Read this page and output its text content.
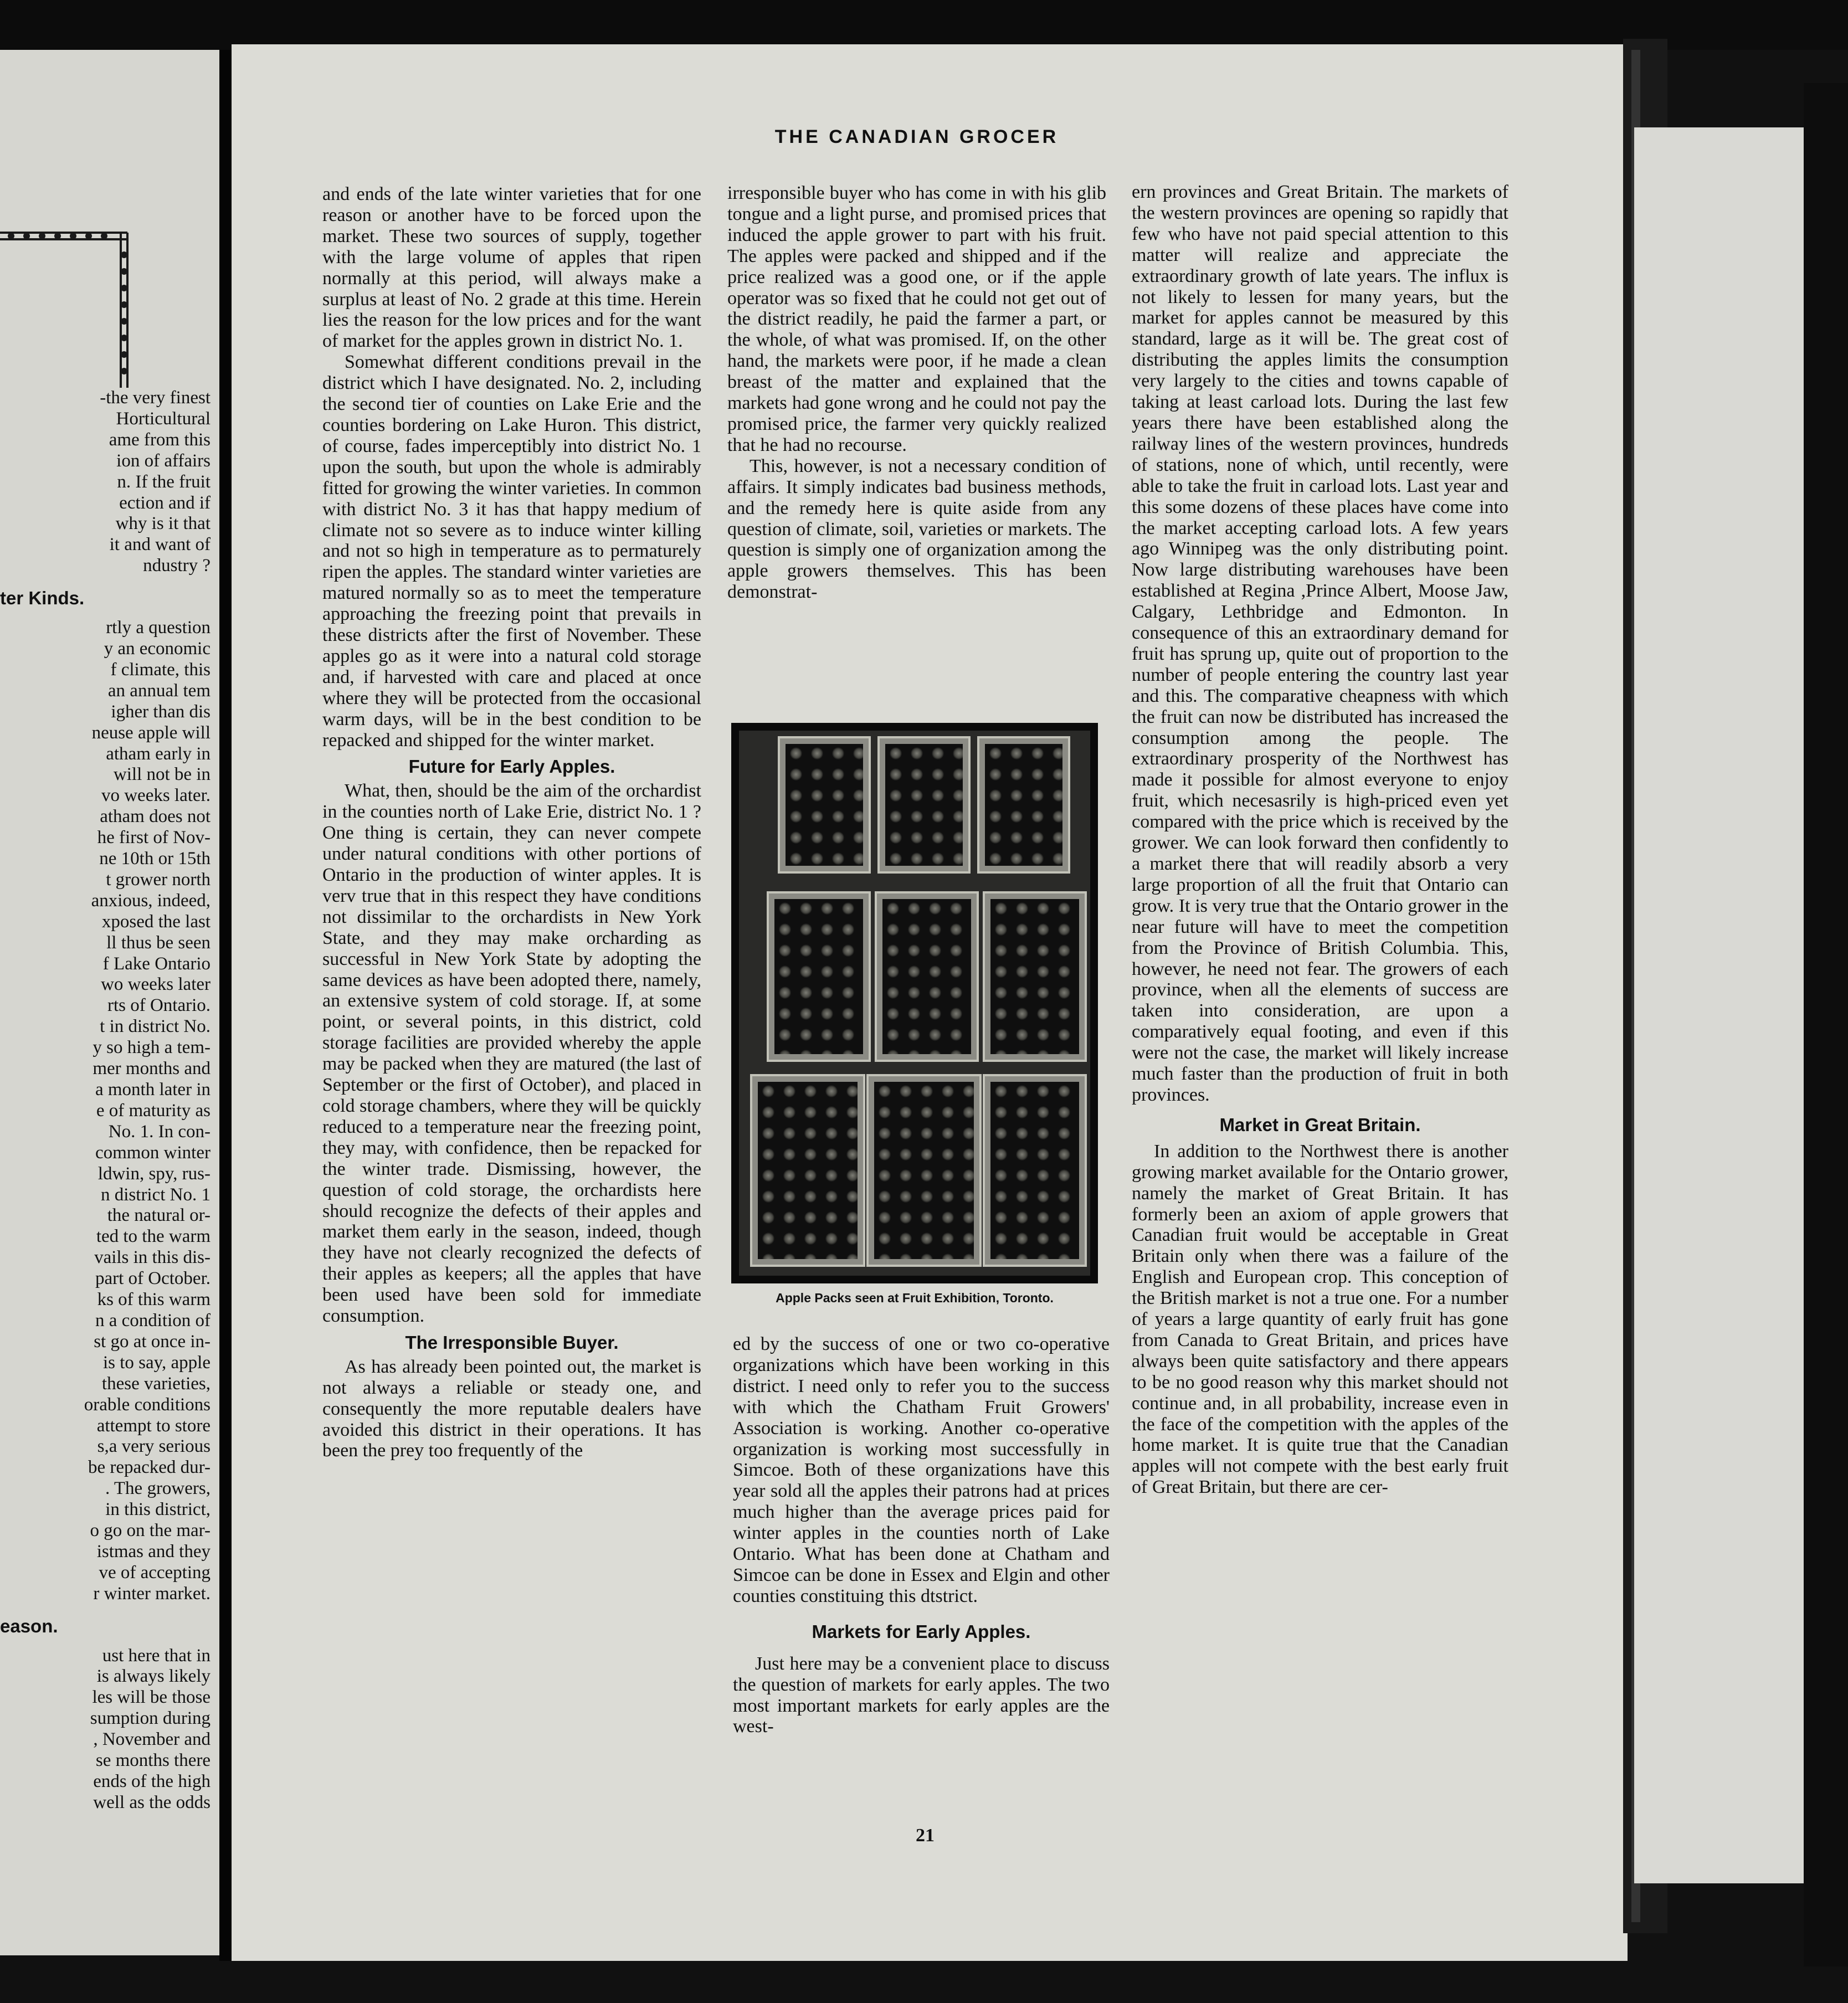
-the very finest

Horticultural

ame from this

ion of affairs

n. If the fruit

ection and if

why is it that

it and want of

ndustry ?

ter Kinds.

rtly a question

y an economic

f climate, this

an annual tem

igher than dis

neuse apple will

atham early in

will not be in

vo weeks later.

atham does not

he first of Nov-

ne 10th or 15th

t grower north

anxious, indeed,

xposed the last

ll thus be seen

f Lake Ontario

wo weeks later

rts of Ontario.

t in district No.

y so high a tem-

mer months and

a month later in

e of maturity as

No. 1. In con-

common winter

ldwin, spy, rus-

n district No. 1

the natural or-

ted to the warm

vails in this dis-

part of October.

ks of this warm

n a condition of

st go at once in-

is to say, apple

these varieties,

orable conditions

attempt to store

s,a very serious

be repacked dur-

. The growers,

in this district,

o go on the mar-

istmas and they

ve of accepting

r winter market.

eason.

ust here that in

is always likely

les will be those

sumption during

, November and

se months there

ends of the high

well as the odds

THE CANADIAN GROCER

and ends of the late winter varieties that for one reason or another have to be forced upon the market. These two sources of supply, together with the large volume of apples that ripen normally at this period, will always make a surplus at least of No. 2 grade at this time. Herein lies the reason for the low prices and for the want of market for the apples grown in district No. 1.

Somewhat different conditions prevail in the district which I have designated. No. 2, including the second tier of counties on Lake Erie and the counties bordering on Lake Huron. This district, of course, fades imperceptibly into district No. 1 upon the south, but upon the whole is admirably fitted for growing the winter varieties. In common with district No. 3 it has that happy medium of climate not so severe as to induce winter killing and not so high in temperature as to permaturely ripen the apples. The standard winter varieties are matured normally so as to meet the temperature approaching the freezing point that prevails in these districts after the first of November. These apples go as it were into a natural cold storage and, if harvested with care and placed at once where they will be protected from the occasional warm days, will be in the best condition to be repacked and shipped for the winter market.

Future for Early Apples.

What, then, should be the aim of the orchardist in the counties north of Lake Erie, district No. 1 ? One thing is certain, they can never compete under natural conditions with other portions of Ontario in the production of winter apples. It is verv true that in this respect they have conditions not dissimilar to the orchardists in New York State, and they may make orcharding as successful in New York State by adopting the same devices as have been adopted there, namely, an extensive system of cold storage. If, at some point, or several points, in this district, cold storage facilities are provided whereby the apple may be packed when they are matured (the last of September or the first of October), and placed in cold storage chambers, where they will be quickly reduced to a temperature near the freezing point, they may, with confidence, then be repacked for the winter trade. Dismissing, however, the question of cold storage, the orchardists here should recognize the defects of their apples and market them early in the season, indeed, though they have not clearly recognized the defects of their apples as keepers; all the apples that have been used have been sold for immediate consumption.

The Irresponsible Buyer.

As has already been pointed out, the market is not always a reliable or steady one, and consequently the more reputable dealers have avoided this district in their operations. It has been the prey too frequently of the

irresponsible buyer who has come in with his glib tongue and a light purse, and promised prices that induced the apple grower to part with his fruit. The apples were packed and shipped and if the price realized was a good one, or if the apple operator was so fixed that he could not get out of the district readily, he paid the farmer a part, or the whole, of what was promised. If, on the other hand, the markets were poor, if he made a clean breast of the matter and explained that the markets had gone wrong and he could not pay the promised price, the farmer very quickly realized that he had no recourse.

This, however, is not a necessary condition of affairs. It simply indicates bad business methods, and the remedy here is quite aside from any question of climate, soil, varieties or markets. The question is simply one of organization among the apple growers themselves. This has been demonstrat-

Apple Packs seen at Fruit Exhibition, Toronto.

ed by the success of one or two co-operative organizations which have been working in this district. I need only to refer you to the success with which the Chatham Fruit Growers' Association is working. Another co-operative organization is working most successfully in Simcoe. Both of these organizations have this year sold all the apples their patrons had at prices much higher than the average prices paid for winter apples in the counties north of Lake Ontario. What has been done at Chatham and Simcoe can be done in Essex and Elgin and other counties constituing this dtstrict.

Markets for Early Apples.

Just here may be a convenient place to discuss the question of markets for early apples. The two most important markets for early apples are the west-

ern provinces and Great Britain. The markets of the western provinces are opening so rapidly that few who have not paid special attention to this matter will realize and appreciate the extraordinary growth of late years. The influx is not likely to lessen for many years, but the market for apples cannot be measured by this standard, large as it will be. The great cost of distributing the apples limits the consumption very largely to the cities and towns capable of taking at least carload lots. During the last few years there have been established along the railway lines of the western provinces, hundreds of stations, none of which, until recently, were able to take the fruit in carload lots. Last year and this some dozens of these places have come into the market accepting carload lots. A few years ago Winnipeg was the only distributing point. Now large distributing warehouses have been established at Regina ,Prince Albert, Moose Jaw, Calgary, Lethbridge and Edmonton. In consequence of this an extraordinary demand for fruit has sprung up, quite out of proportion to the number of people entering the country last year and this. The comparative cheapness with which the fruit can now be distributed has increased the consumption among the people. The extraordinary prosperity of the Northwest has made it possible for almost everyone to enjoy fruit, which necesasrily is high-priced even yet compared with the price which is received by the grower. We can look forward then confidently to a market there that will readily absorb a very large proportion of all the fruit that Ontario can grow. It is very true that the Ontario grower in the near future will have to meet the competition from the Province of British Columbia. This, however, he need not fear. The growers of each province, when all the elements of success are taken into consideration, are upon a comparatively equal footing, and even if this were not the case, the market will likely increase much faster than the production of fruit in both provinces.

Market in Great Britain.

In addition to the Northwest there is another growing market available for the Ontario grower, namely the market of Great Britain. It has formerly been an axiom of apple growers that Canadian fruit would be acceptable in Great Britain only when there was a failure of the English and European crop. This conception of the British market is not a true one. For a number of years a large quantity of early fruit has gone from Canada to Great Britain, and prices have always been quite satisfactory and there appears to be no good reason why this market should not continue and, in all probability, increase even in the face of the competition with the apples of the home market. It is quite true that the Canadian apples will not compete with the best early fruit of Great Britain, but there are cer-

21
